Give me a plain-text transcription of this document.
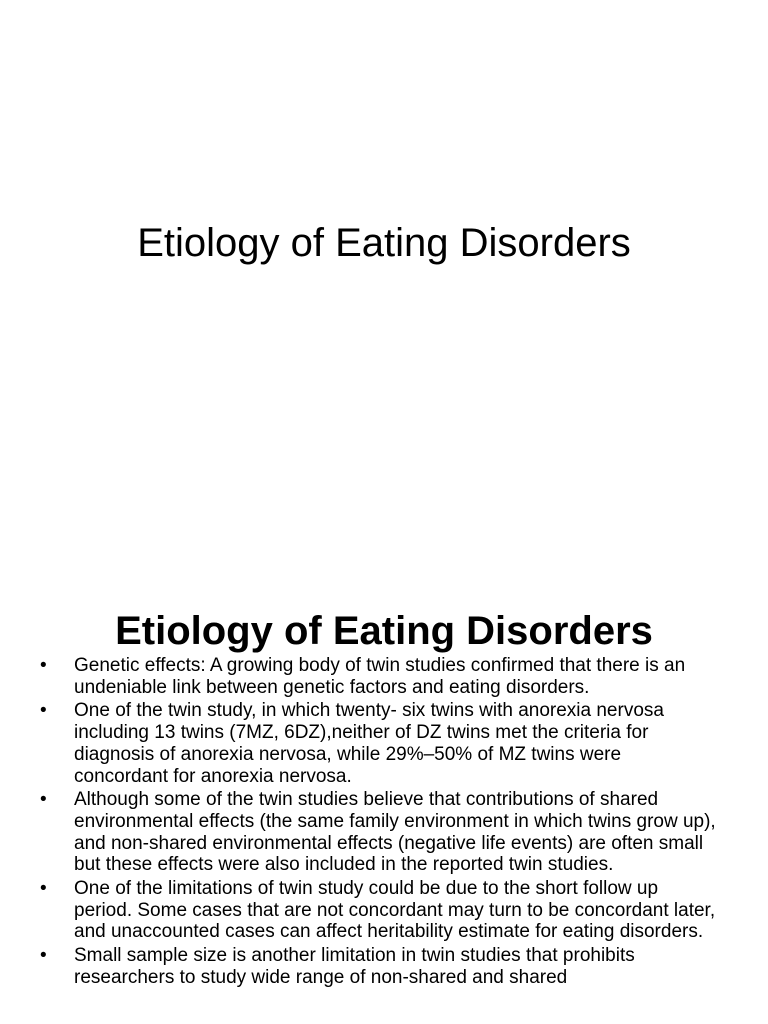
Etiology of Eating Disorders
Etiology of Eating Disorders
• Genetic effects: A growing body of twin studies confirmed that there is an undeniable link between genetic factors and eating disorders.
• One of the twin study, in which twenty- six twins with anorexia nervosa including 13 twins (7MZ, 6DZ),neither of DZ twins met the criteria for diagnosis of anorexia nervosa, while 29%–50% of MZ twins were concordant for anorexia nervosa.
• Although some of the twin studies believe that contributions of shared environmental effects (the same family environment in which twins grow up), and non-shared environmental effects (negative life events) are often small but these effects were also included in the reported twin studies.
• One of the limitations of twin study could be due to the short follow up period. Some cases that are not concordant may turn to be concordant later, and unaccounted cases can affect heritability estimate for eating disorders.
• Small sample size is another limitation in twin studies that prohibits researchers to study wide range of non-shared and shared
